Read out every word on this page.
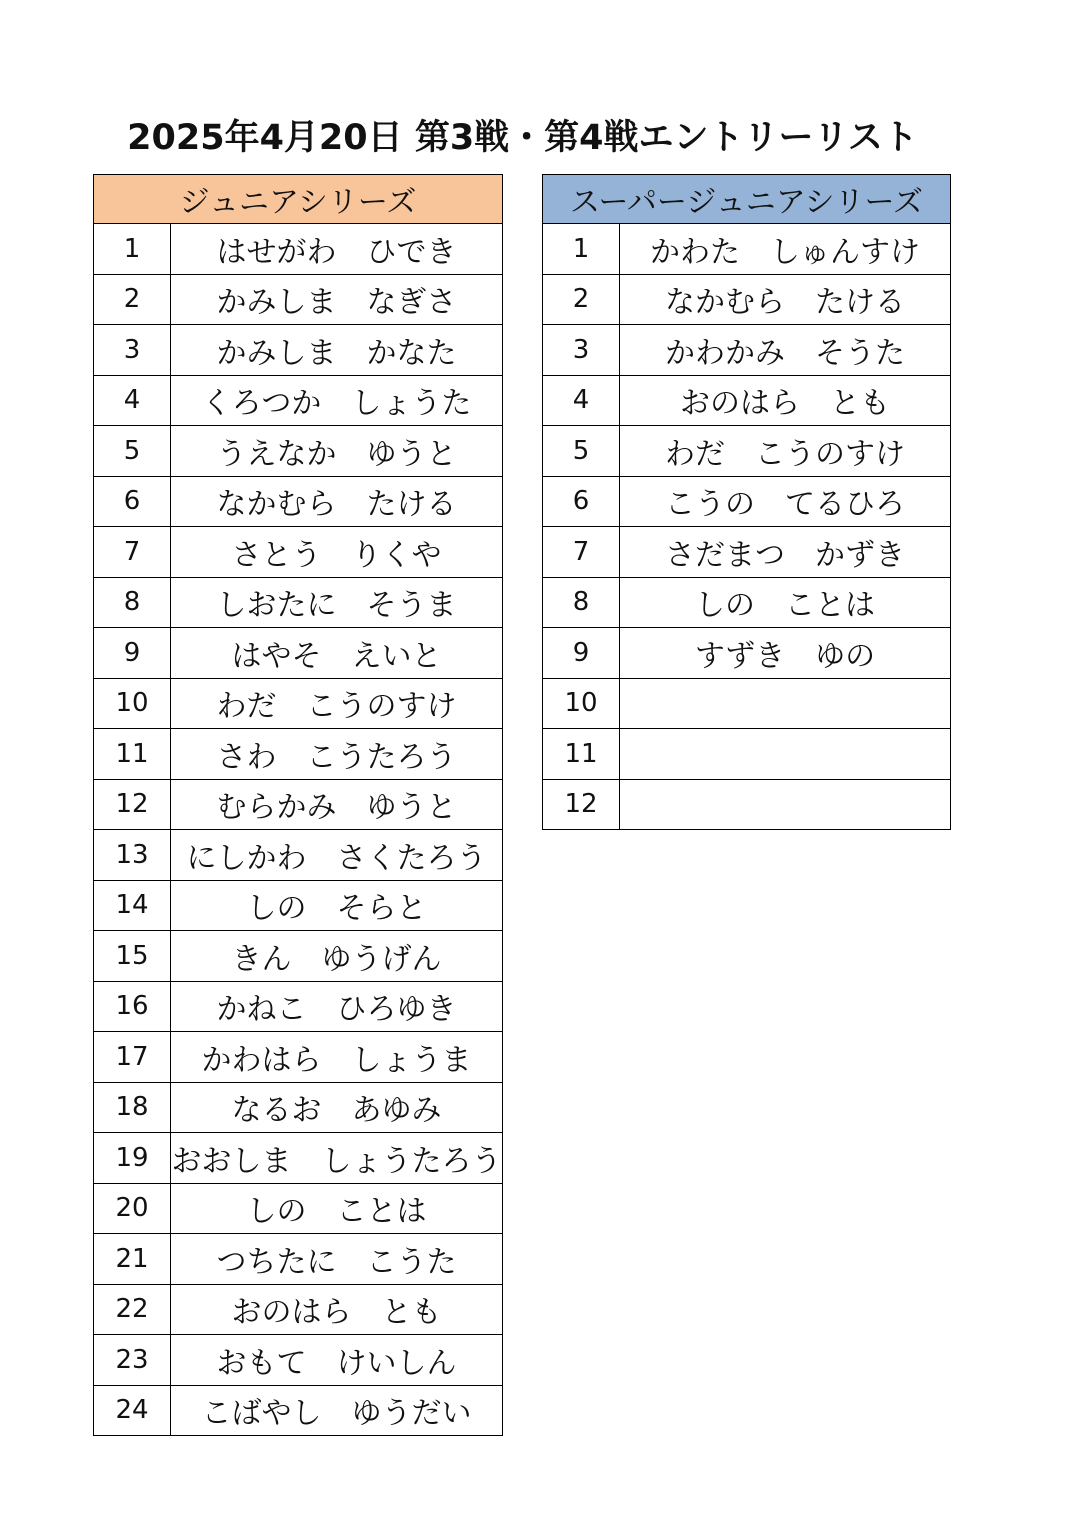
2025年4月20日 第3戦・第4戦エントリーリスト
ジュニアシリーズ	
1	はせがわ　ひでき
2	かみしま　なぎさ
3	かみしま　かなた
4	くろつか　しょうた
5	うえなか　ゆうと
6	なかむら　たける
7	さとう　りくや
8	しおたに　そうま
9	はやそ　えいと
10	わだ　こうのすけ
11	さわ　こうたろう
12	むらかみ　ゆうと
13	にしかわ　さくたろう
14	しの　そらと
15	きん　ゆうげん
16	かねこ　ひろゆき
17	かわはら　しょうま
18	なるお　あゆみ
19	おおしま　しょうたろう
20	しの　ことは
21	つちたに　こうた
22	おのはら　とも
23	おもて　けいしん
24	こばやし　ゆうだい
スーパージュニアシリーズ	
1	かわた　しゅんすけ
2	なかむら　たける
3	かわかみ　そうた
4	おのはら　とも
5	わだ　こうのすけ
6	こうの　てるひろ
7	さだまつ　かずき
8	しの　ことは
9	すずき　ゆの
10	
11	
12	
